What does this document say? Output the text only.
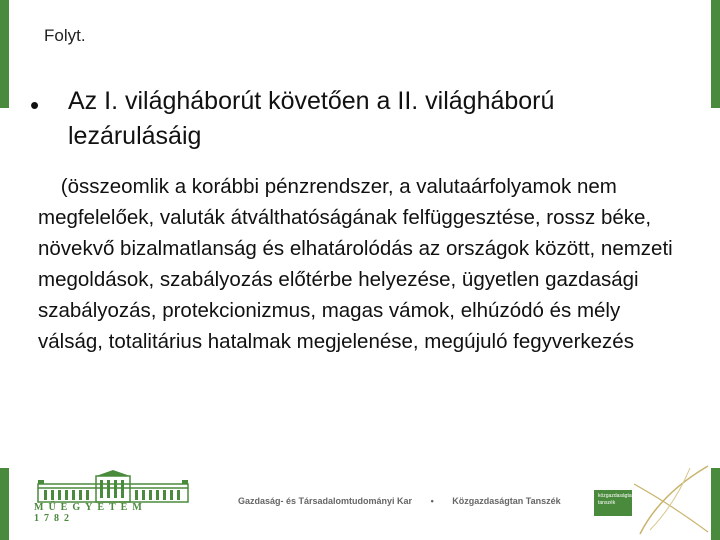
Folyt.
• Az I. világháborút követően a II. világháború lezárulásáig
(összeomlik a korábbi pénzrendszer, a valutaárfolyamok nem megfelelőek, valuták átválthatóságának felfüggesztése, rossz béke, növekvő bizalmatlanság és elhatárolódás az országok között, nemzeti megoldások, szabályozás előtérbe helyezése, ügyetlen gazdasági szabályozás, protekcionizmus, magas vámok, elhúzódó és mély válság, totalitárius hatalmak megjelenése, megújuló fegyverkezés
MŰEGYETEM 1782
Gazdaság- és Társadalomtudományi Kar • Közgazdaságtan Tanszék	közgazdaságtan tanszék
